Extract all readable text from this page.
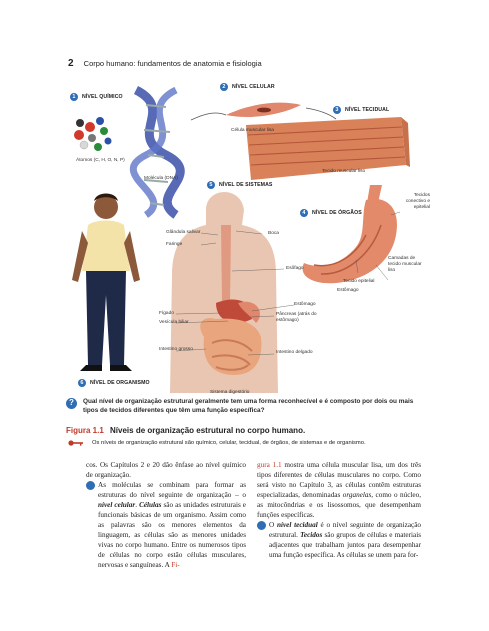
2 Corpo humano: fundamentos de anatomia e fisiologia
1	NÍVEL QUÍMICO
2	NÍVEL CELULAR
3	NÍVEL TECIDUAL
4	NÍVEL DE ÓRGÃOS
5	NÍVEL DE SISTEMAS
6	NÍVEL DE ORGANISMO
Átomos (C, H, O, N, P)
Molécula (DNA)
Célula muscular lisa
Tecido muscular liso
Tecidos conectivo e epitelial
Camadas de tecido muscular liso
Tecido epitelial
Estômago
Glândula salivar
Faringe
Boca
Esôfago
Estômago
Fígado
Vesícula biliar
Pâncreas (atrás do estômago)
Intestino grosso
Intestino delgado
Sistema digestório
?	Qual nível de organização estrutural geralmente tem uma forma reconhecível e é composto por dois ou mais tipos de tecidos diferentes que têm uma função específica?
Figura 1.1 Níveis de organização estrutural no corpo humano.
Os níveis de organização estrutural são químico, celular, tecidual, de órgãos, de sistemas e de organismo.

cos. Os Capítulos 2 e 20 dão ênfase ao nível químico de organização.

2 As moléculas se combinam para formar as estruturas do nível seguinte de organização – o nível celular. Células são as unidades estruturais e funcionais básicas de um organismo. Assim como as palavras são os menores elementos da linguagem, as células são as menores unidades vivas no corpo humano. Entre os numerosos tipos de células no corpo estão células musculares, nervosas e sanguíneas. A Fi-

gura 1.1 mostra uma célula muscular lisa, um dos três tipos diferentes de células musculares no corpo. Como será visto no Capítulo 3, as células contêm estruturas especializadas, denominadas organelas, como o núcleo, as mitocôndrias e os lisossomos, que desempenham funções específicas.

3 O nível tecidual é o nível seguinte de organização estrutural. Tecidos são grupos de células e materiais adjacentes que trabalham juntos para desempenhar uma função específica. As células se unem para for-
